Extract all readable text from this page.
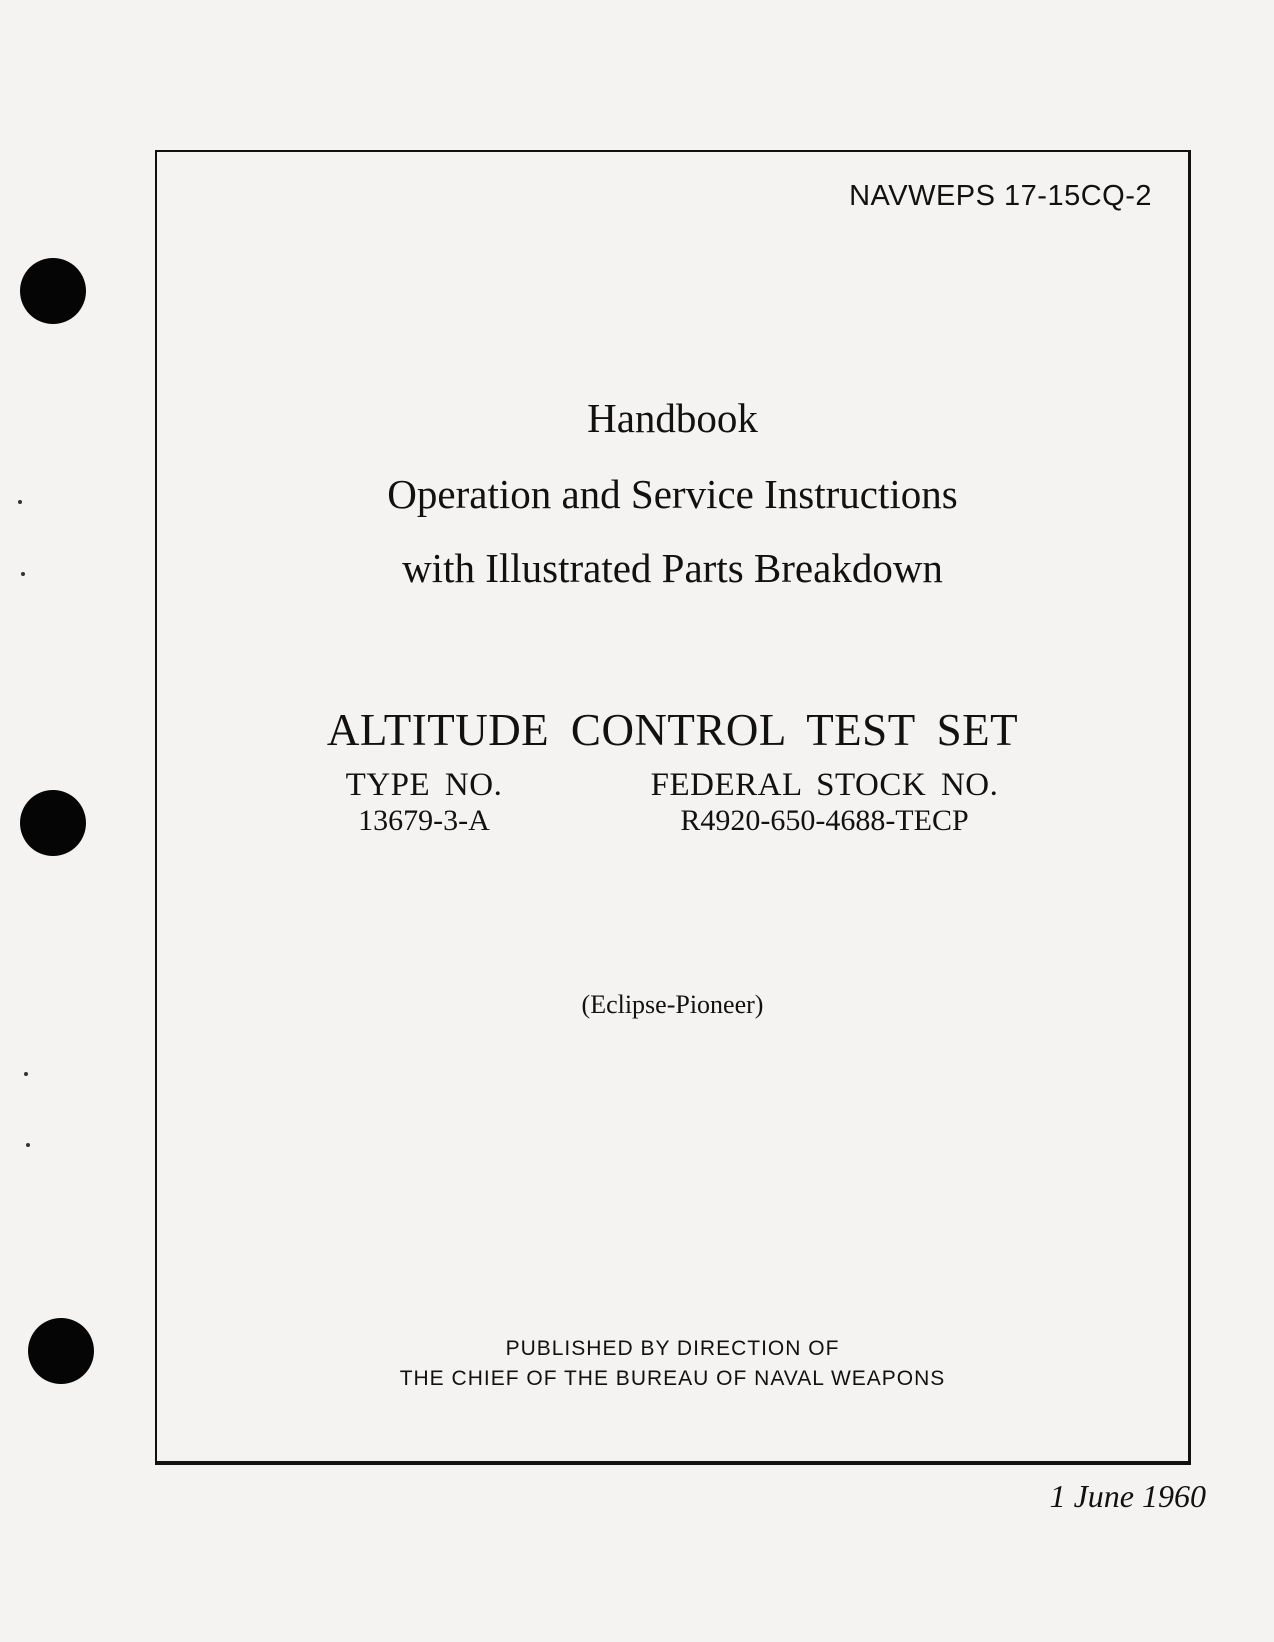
NAVWEPS 17-15CQ-2
Handbook
Operation and Service Instructions
with Illustrated Parts Breakdown
ALTITUDE CONTROL TEST SET
TYPE NO.
13679-3-A
FEDERAL STOCK NO.
R4920-650-4688-TECP
(Eclipse-Pioneer)
PUBLISHED BY DIRECTION OF
THE CHIEF OF THE BUREAU OF NAVAL WEAPONS
1 June 1960
